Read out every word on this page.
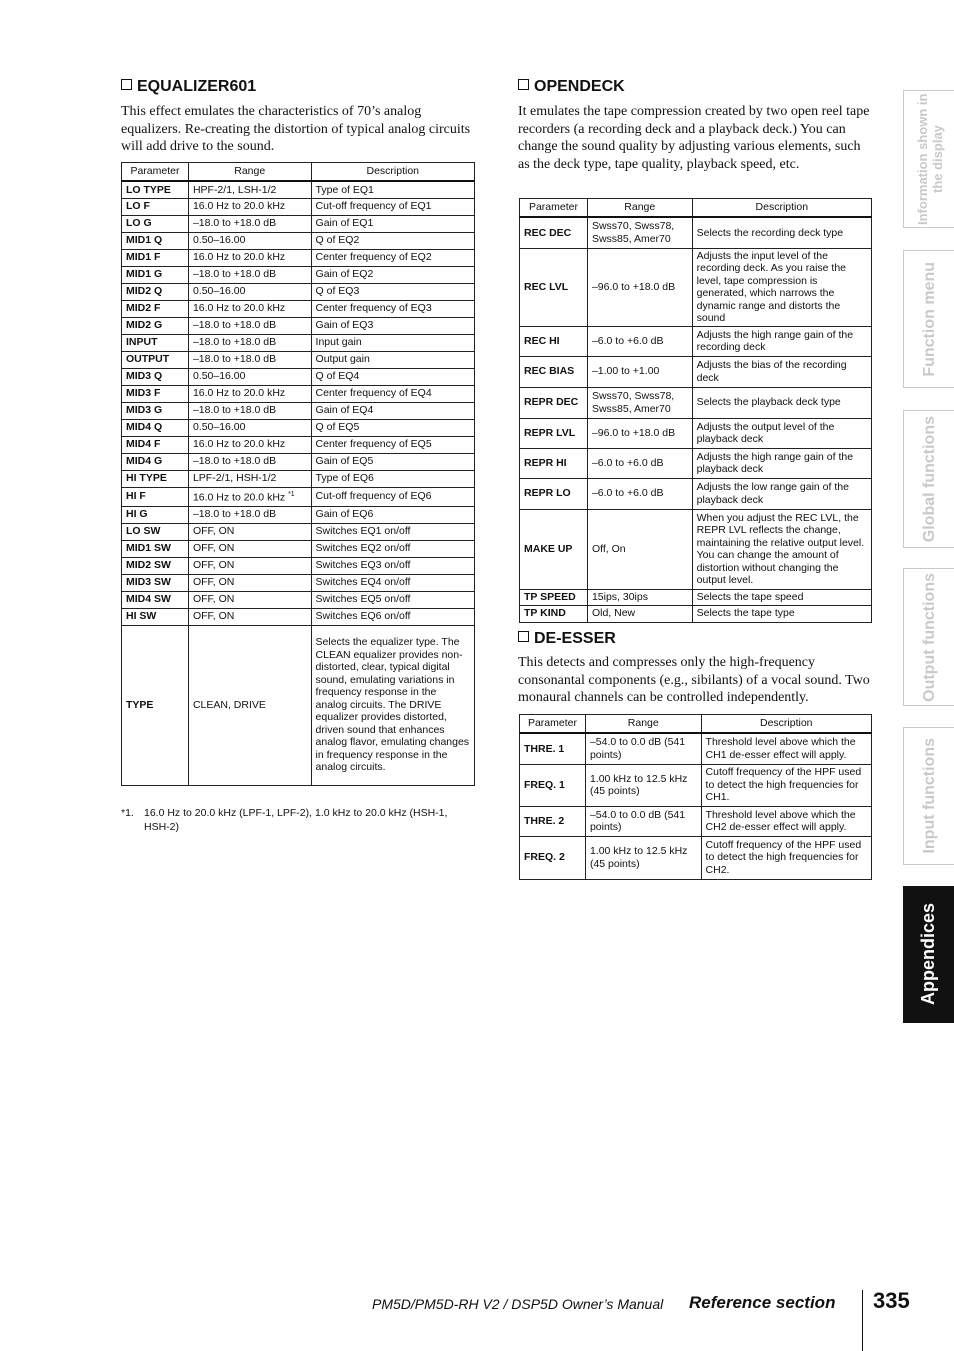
EQUALIZER601

This effect emulates the characteristics of 70’s analog equalizers. Re-creating the distortion of typical analog circuits will add drive to the sound.

Parameter	Range	Description
LO TYPE	HPF-2/1, LSH-1/2	Type of EQ1
LO F	16.0 Hz to 20.0 kHz	Cut-off frequency of EQ1
LO G	–18.0 to +18.0 dB	Gain of EQ1
MID1 Q	0.50–16.00	Q of EQ2
MID1 F	16.0 Hz to 20.0 kHz	Center frequency of EQ2
MID1 G	–18.0 to +18.0 dB	Gain of EQ2
MID2 Q	0.50–16.00	Q of EQ3
MID2 F	16.0 Hz to 20.0 kHz	Center frequency of EQ3
MID2 G	–18.0 to +18.0 dB	Gain of EQ3
INPUT	–18.0 to +18.0 dB	Input gain
OUTPUT	–18.0 to +18.0 dB	Output gain
MID3 Q	0.50–16.00	Q of EQ4
MID3 F	16.0 Hz to 20.0 kHz	Center frequency of EQ4
MID3 G	–18.0 to +18.0 dB	Gain of EQ4
MID4 Q	0.50–16.00	Q of EQ5
MID4 F	16.0 Hz to 20.0 kHz	Center frequency of EQ5
MID4 G	–18.0 to +18.0 dB	Gain of EQ5
HI TYPE	LPF-2/1, HSH-1/2	Type of EQ6
HI F	16.0 Hz to 20.0 kHz $^{*1}$	Cut-off frequency of EQ6
HI G	–18.0 to +18.0 dB	Gain of EQ6
LO SW	OFF, ON	Switches EQ1 on/off
MID1 SW	OFF, ON	Switches EQ2 on/off
MID2 SW	OFF, ON	Switches EQ3 on/off
MID3 SW	OFF, ON	Switches EQ4 on/off
MID4 SW	OFF, ON	Switches EQ5 on/off
HI SW	OFF, ON	Switches EQ6 on/off
TYPE	CLEAN, DRIVE	Selects the equalizer type. The CLEAN equalizer provides non-distorted, clear, typical digital sound, emulating variations in frequency response in the analog circuits. The DRIVE equalizer provides distorted, driven sound that enhances analog flavor, emulating changes in frequency response in the analog circuits.
*1. 16.0 Hz to 20.0 kHz (LPF-1, LPF-2), 1.0 kHz to 20.0 kHz (HSH-1, HSH-2)
OPENDECK

It emulates the tape compression created by two open reel tape recorders (a recording deck and a playback deck.) You can change the sound quality by adjusting various elements, such as the deck type, tape quality, playback speed, etc.

Parameter	Range	Description
REC DEC	Swss70, Swss78, Swss85, Amer70	Selects the recording deck type
REC LVL	–96.0 to +18.0 dB	Adjusts the input level of the recording deck. As you raise the level, tape compression is generated, which narrows the dynamic range and distorts the sound
REC HI	–6.0 to +6.0 dB	Adjusts the high range gain of the recording deck
REC BIAS	–1.00 to +1.00	Adjusts the bias of the recording deck
REPR DEC	Swss70, Swss78, Swss85, Amer70	Selects the playback deck type
REPR LVL	–96.0 to +18.0 dB	Adjusts the output level of the playback deck
REPR HI	–6.0 to +6.0 dB	Adjusts the high range gain of the playback deck
REPR LO	–6.0 to +6.0 dB	Adjusts the low range gain of the playback deck
MAKE UP	Off, On	When you adjust the REC LVL, the REPR LVL reflects the change, maintaining the relative output level. You can change the amount of distortion without changing the output level.
TP SPEED	15ips, 30ips	Selects the tape speed
TP KIND	Old, New	Selects the tape type
DE-ESSER

This detects and compresses only the high-frequency consonantal components (e.g., sibilants) of a vocal sound. Two monaural channels can be controlled independently.

Parameter	Range	Description
THRE. 1	–54.0 to 0.0 dB (541 points)	Threshold level above which the CH1 de-esser effect will apply.
FREQ. 1	1.00 kHz to 12.5 kHz (45 points)	Cutoff frequency of the HPF used to detect the high frequencies for CH1.
THRE. 2	–54.0 to 0.0 dB (541 points)	Threshold level above which the CH2 de-esser effect will apply.
FREQ. 2	1.00 kHz to 12.5 kHz (45 points)	Cutoff frequency of the HPF used to detect the high frequencies for CH2.
Information shown in the display
Function menu
Global functions
Output functions
Input functions
Appendices
PM5D/PM5D-RH V2 / DSP5D Owner’s Manual Reference section 335
